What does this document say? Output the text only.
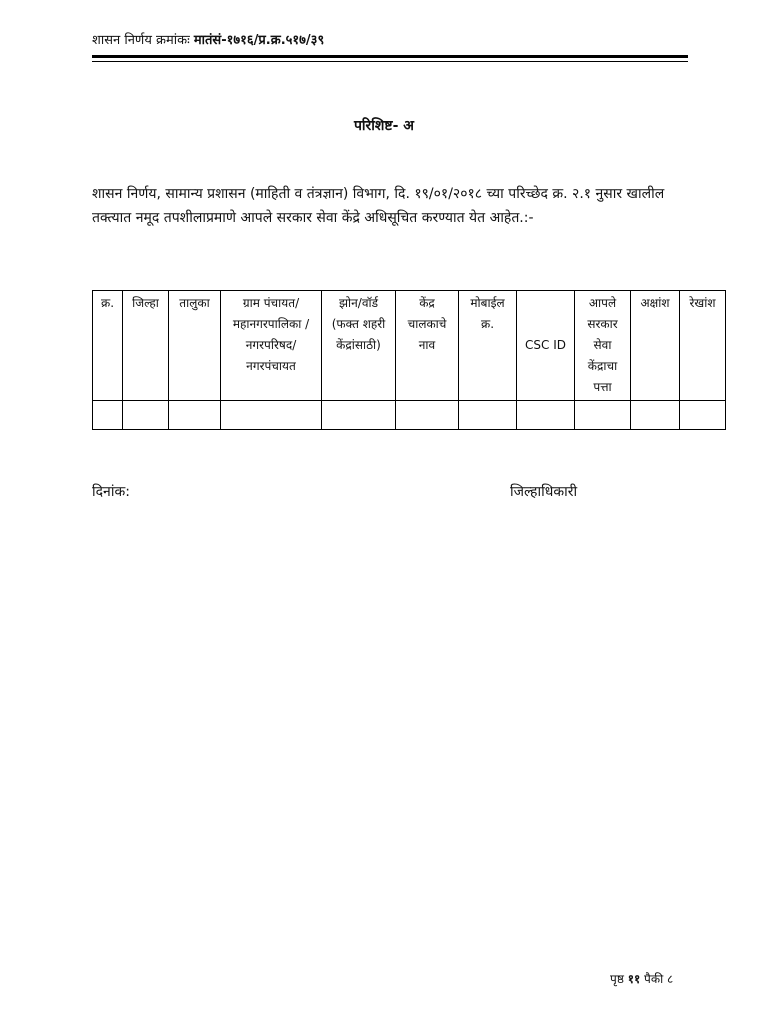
शासन निर्णय क्रमांकः मातंसं-१७१६/प्र.क्र.५१७/३९
परिशिष्ट- अ
शासन निर्णय, सामान्य प्रशासन (माहिती व तंत्रज्ञान) विभाग, दि. १९/०१/२०१८ च्या परिच्छेद क्र. २.१ नुसार खालील तक्त्यात नमूद तपशीलाप्रमाणे आपले सरकार सेवा केंद्रे अधिसूचित करण्यात येत आहेत.:-
क्र.	जिल्हा	तालुका	ग्राम पंचायत/ महानगरपालिका / नगरपरिषद/ नगरपंचायत	झोन/वॉर्ड (फक्त शहरी केंद्रांसाठी)	केंद्र चालकाचे नाव	मोबाईल क्र.	CSC ID	आपले सरकार सेवा केंद्राचा पत्ता	अक्षांश	रेखांश

दिनांक:	जिल्हाधिकारी
पृष्ठ ११ पैकी ८
